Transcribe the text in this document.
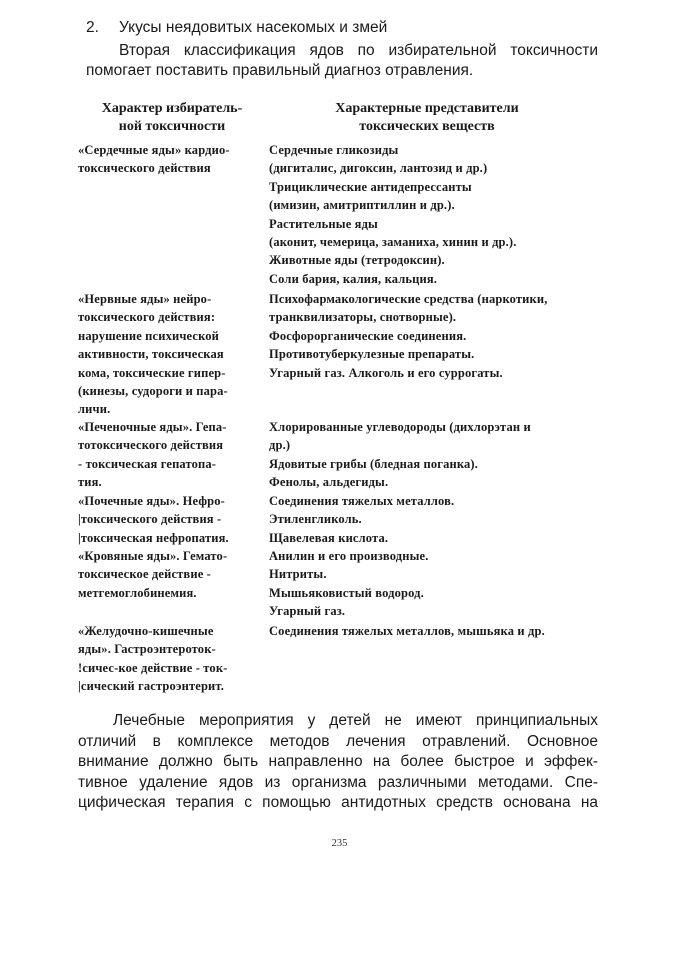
2. Укусы неядовитых насекомых и змей

Вторая классификация ядов по избирательной токсичности помогает поставить правильный диагноз отравления.

Характер избиратель-
ной токсичности
Характерные представители
токсических веществ
«Сердечные яды» кардио-
токсического действия
Сердечные гликозиды
(дигиталис, дигоксин, лантозид и др.)
Трициклические антидепрессанты
(имизин, амитриптиллин и др.).
Растительные яды
(аконит, чемерица, заманиха, хинин и др.).
Животные яды (тетродоксин).
Соли бария, калия, кальция.
«Нервные яды» нейро-
токсического действия:
нарушение психической
активности, токсическая
кома, токсические гипер-
(кинезы, судороги и пара-
личи.
Психофармакологические средства (наркотики,
транквилизаторы, снотворные).
Фосфорорганические соединения.
Противотуберкулезные препараты.
Угарный газ. Алкоголь и его суррогаты.
«Печеночные яды». Гепа-
тотоксического действия
- токсическая гепатопа-
тия.
Хлорированные углеводороды (дихлорэтан и
др.)
Ядовитые грибы (бледная поганка).
Фенолы, альдегиды.
«Почечные яды». Нефро-
|токсического действия -
|токсическая нефропатия.
Соединения тяжелых металлов.
Этиленгликоль.
Щавелевая кислота.
«Кровяные яды». Гемато-
токсическое действие -
метгемоглобинемия.
Анилин и его производные.
Нитриты.
Мышьяковистый водород.
Угарный газ.
«Желудочно-кишечные
яды». Гастроэнтероток-
!сичес-кое действие - ток-
|сический гастроэнтерит.
Соединения тяжелых металлов, мышьяка и др.
Лечебные мероприятия у детей не имеют принципиальных
отличий в комплексе методов лечения отравлений. Основное
внимание должно быть направленно на более быстрое и эффек-
тивное удаление ядов из организма различными методами. Спе-
цифическая терапия с помощью антидотных средств основана на
235
